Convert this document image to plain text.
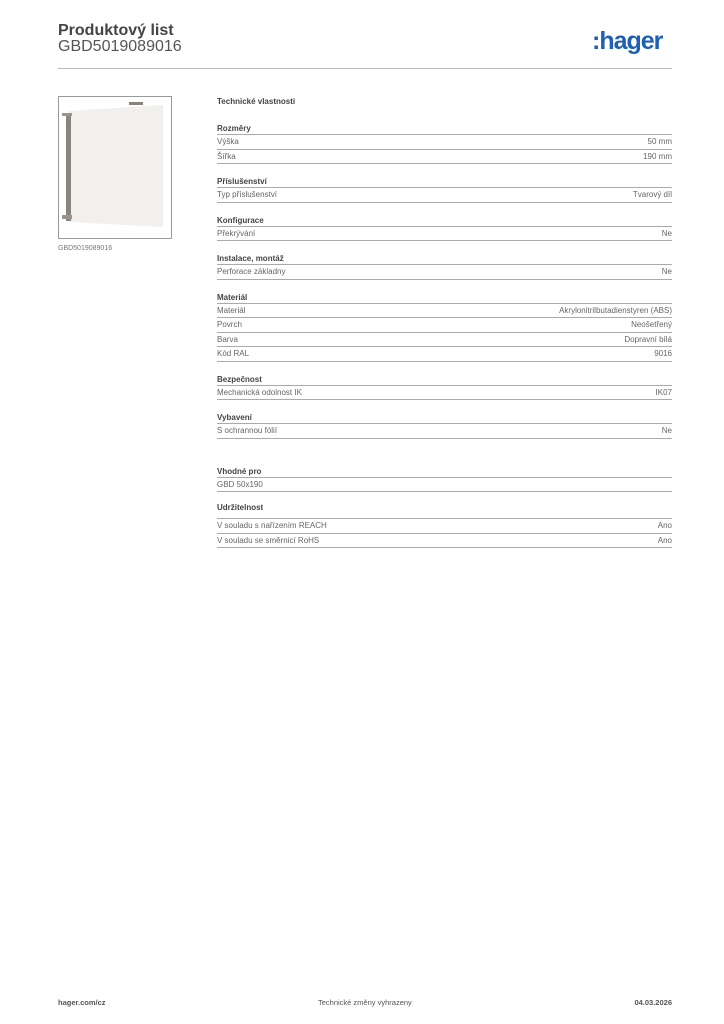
Produktový list
GBD5019089016	:hager
GBD5019089016
Technické vlastnosti
Rozměry
Výška	50 mm
Šířka	190 mm
Příslušenství
Typ příslušenství	Tvarový díl
Konfigurace
Překrývání	Ne
Instalace, montáž
Perforace základny	Ne
Materiál
Materiál	Akrylonitrilbutadienstyren (ABS)
Povrch	Neošetřený
Barva	Dopravní bílá
Kód RAL	9016
Bezpečnost
Mechanická odolnost IK	IK07
Vybavení
S ochrannou fólií	Ne
Vhodné pro
GBD 50x190
Udržitelnost
V souladu s nařízením REACH	Ano
V souladu se směrnicí RoHS	Ano
hager.com/cz	Technické změny vyhrazeny	04.03.2026
